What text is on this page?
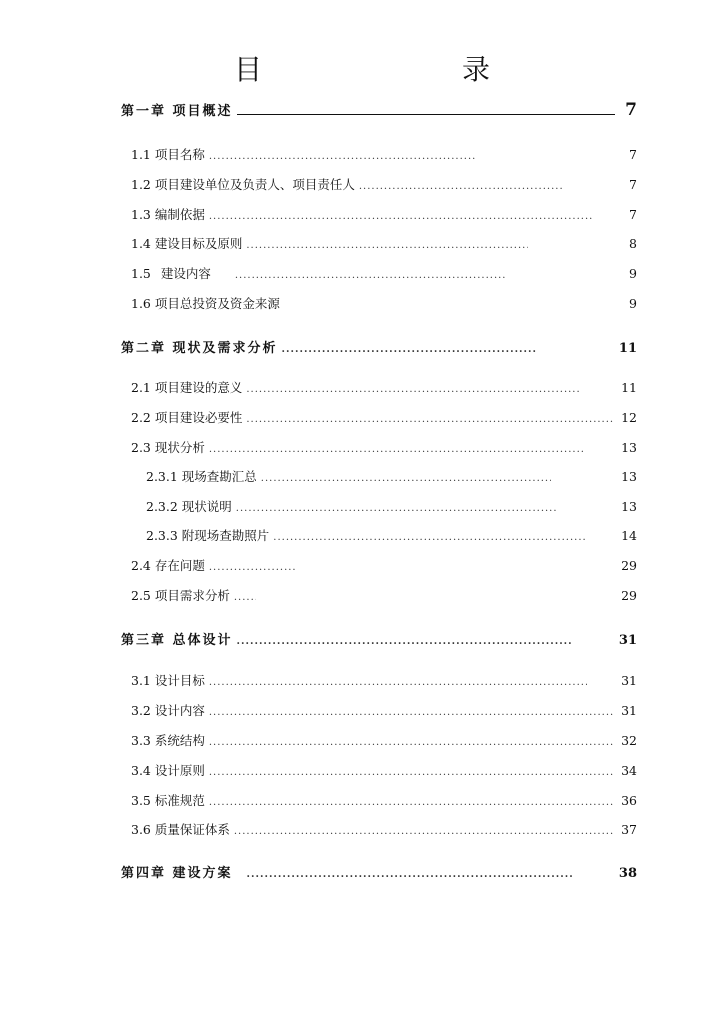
目　　录
第一章 项目概述	7
1.1 项目名称 .....	7
1.2 项目建设单位及负责人、项目责任人 .....	7
1.3 编制依据 .....	7
1.4 建设目标及原则 .....	8
1.5 建设内容 .....	9
1.6 项目总投资及资金来源	9
第二章 现状及需求分析 .....	11
2.1 项目建设的意义 .....	11
2.2 项目建设必要性 .....	12
2.3 现状分析 .....	13
2.3.1 现场查勘汇总 .....	13
2.3.2 现状说明 .....	13
2.3.3 附现场查勘照片 .....	14
2.4 存在问题 .....	29
2.5 项目需求分析 .....	29
第三章 总体设计 .....	31
3.1 设计目标 .....	31
3.2 设计内容 .....	31
3.3 系统结构 .....	32
3.4 设计原则 .....	34
3.5 标准规范 .....	36
3.6 质量保证体系 .....	37
第四章 建设方案 .....	38
